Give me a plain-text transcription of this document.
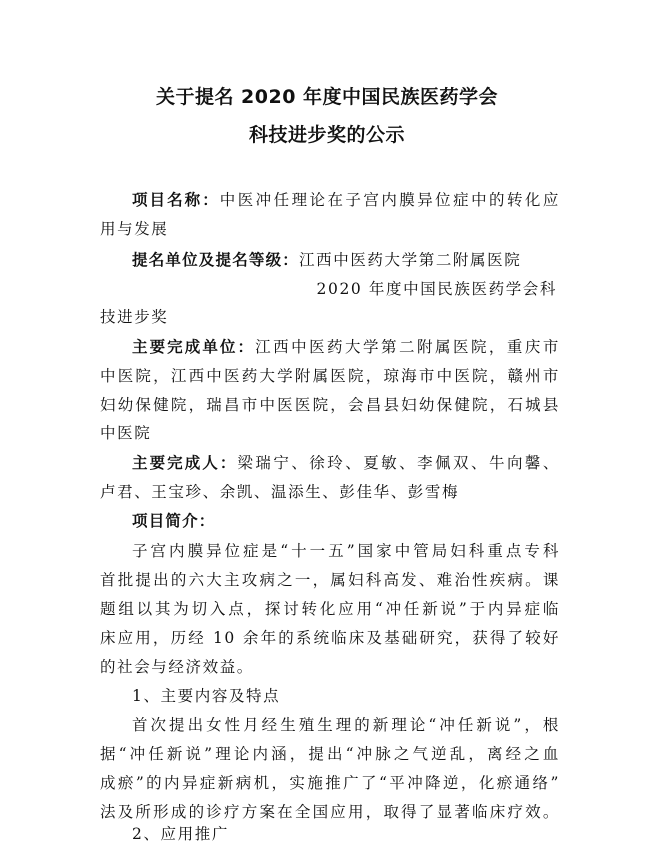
关于提名 2020 年度中国民族医药学会
科技进步奖的公示
项目名称：中医冲任理论在子宫内膜异位症中的转化应
用与发展
提名单位及提名等级：江西中医药大学第二附属医院
2020 年度中国民族医药学会科
技进步奖
主要完成单位：江西中医药大学第二附属医院，重庆市
中医院，江西中医药大学附属医院，琼海市中医院，赣州市
妇幼保健院，瑞昌市中医医院，会昌县妇幼保健院，石城县
中医院
主要完成人：梁瑞宁、徐玲、夏敏、李佩双、牛向馨、
卢君、王宝珍、余凯、温添生、彭佳华、彭雪梅
项目简介：
子宫内膜异位症是“十一五”国家中管局妇科重点专科
首批提出的六大主攻病之一，属妇科高发、难治性疾病。课
题组以其为切入点，探讨转化应用“冲任新说”于内异症临
床应用，历经 10 余年的系统临床及基础研究，获得了较好
的社会与经济效益。
1、主要内容及特点
首次提出女性月经生殖生理的新理论“冲任新说”，根
据“冲任新说”理论内涵，提出“冲脉之气逆乱，离经之血
成瘀”的内异症新病机，实施推广了“平冲降逆，化瘀通络”
法及所形成的诊疗方案在全国应用，取得了显著临床疗效。
2、应用推广
